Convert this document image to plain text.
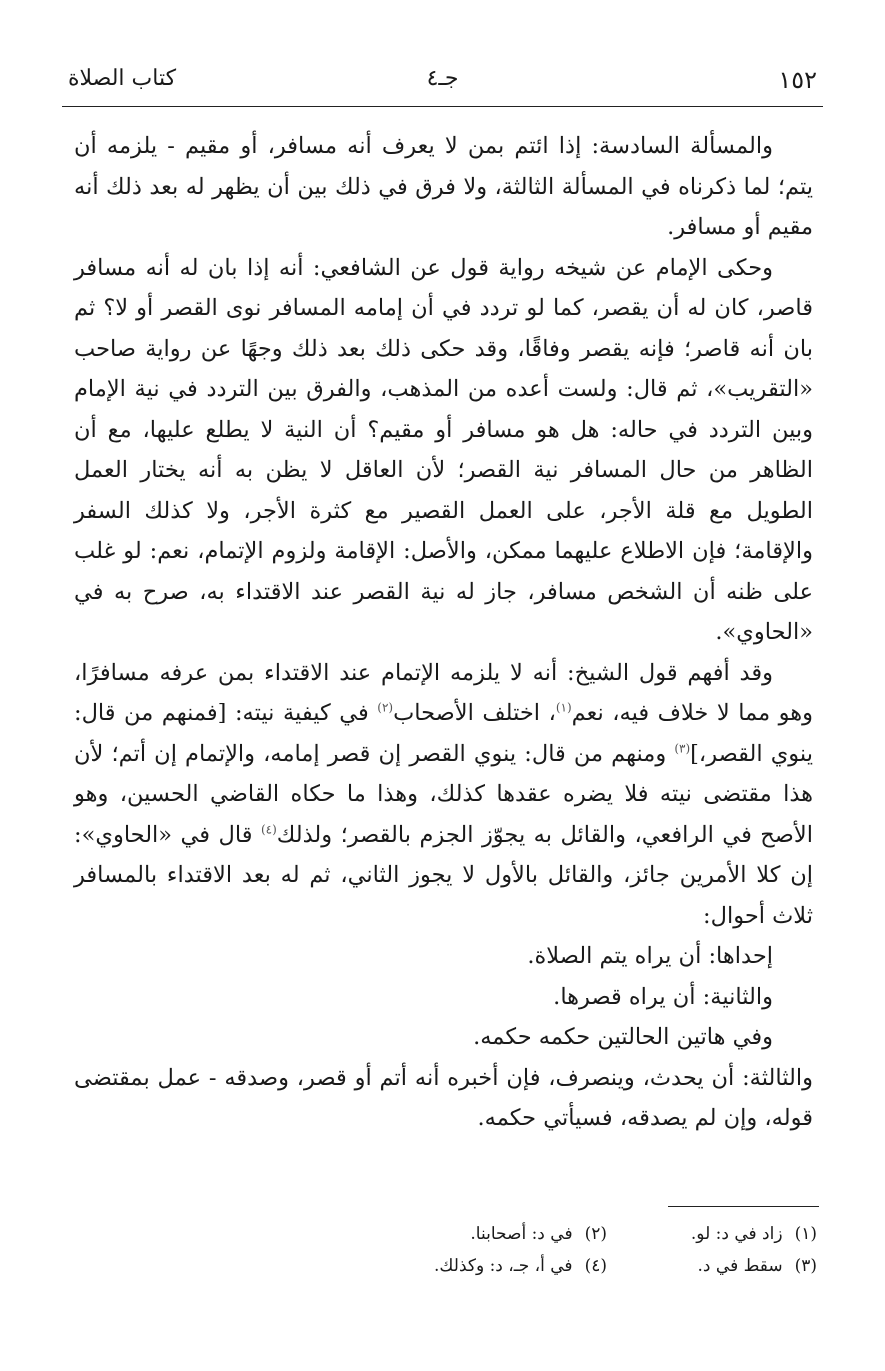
١٥٢
جـ٤
كتاب الصلاة

والمسألة السادسة: إذا ائتم بمن لا يعرف أنه مسافر، أو مقيم - يلزمه أن يتم؛ لما ذكرناه في المسألة الثالثة، ولا فرق في ذلك بين أن يظهر له بعد ذلك أنه مقيم أو مسافر.

وحكى الإمام عن شيخه رواية قول عن الشافعي: أنه إذا بان له أنه مسافر قاصر، كان له أن يقصر، كما لو تردد في أن إمامه المسافر نوى القصر أو لا؟ ثم بان أنه قاصر؛ فإنه يقصر وفاقًا، وقد حكى ذلك بعد ذلك وجهًا عن رواية صاحب «التقريب»، ثم قال: ولست أعده من المذهب، والفرق بين التردد في نية الإمام وبين التردد في حاله: هل هو مسافر أو مقيم؟ أن النية لا يطلع عليها، مع أن الظاهر من حال المسافر نية القصر؛ لأن العاقل لا يظن به أنه يختار العمل الطويل مع قلة الأجر، على العمل القصير مع كثرة الأجر، ولا كذلك السفر والإقامة؛ فإن الاطلاع عليهما ممكن، والأصل: الإقامة ولزوم الإتمام، نعم: لو غلب على ظنه أن الشخص مسافر، جاز له نية القصر عند الاقتداء به، صرح به في «الحاوي».

وقد أفهم قول الشيخ: أنه لا يلزمه الإتمام عند الاقتداء بمن عرفه مسافرًا، وهو مما لا خلاف فيه، نعم$^{(١)}$، اختلف الأصحاب$^{(٢)}$ في كيفية نيته: [فمنهم من قال: ينوي القصر،]$^{(٣)}$ ومنهم من قال: ينوي القصر إن قصر إمامه، والإتمام إن أتم؛ لأن هذا مقتضى نيته فلا يضره عقدها كذلك، وهذا ما حكاه القاضي الحسين، وهو الأصح في الرافعي، والقائل به يجوّز الجزم بالقصر؛ ولذلك$^{(٤)}$ قال في «الحاوي»: إن كلا الأمرين جائز، والقائل بالأول لا يجوز الثاني، ثم له بعد الاقتداء بالمسافر ثلاث أحوال:

إحداها: أن يراه يتم الصلاة.

والثانية: أن يراه قصرها.

وفي هاتين الحالتين حكمه حكمه.

والثالثة: أن يحدث، وينصرف، فإن أخبره أنه أتم أو قصر، وصدقه - عمل بمقتضى قوله، وإن لم يصدقه، فسيأتي حكمه.

(١)زاد في د: لو.
(٢)في د: أصحابنا.
(٣)سقط في د.
(٤)في أ، جـ، د: وكذلك.
